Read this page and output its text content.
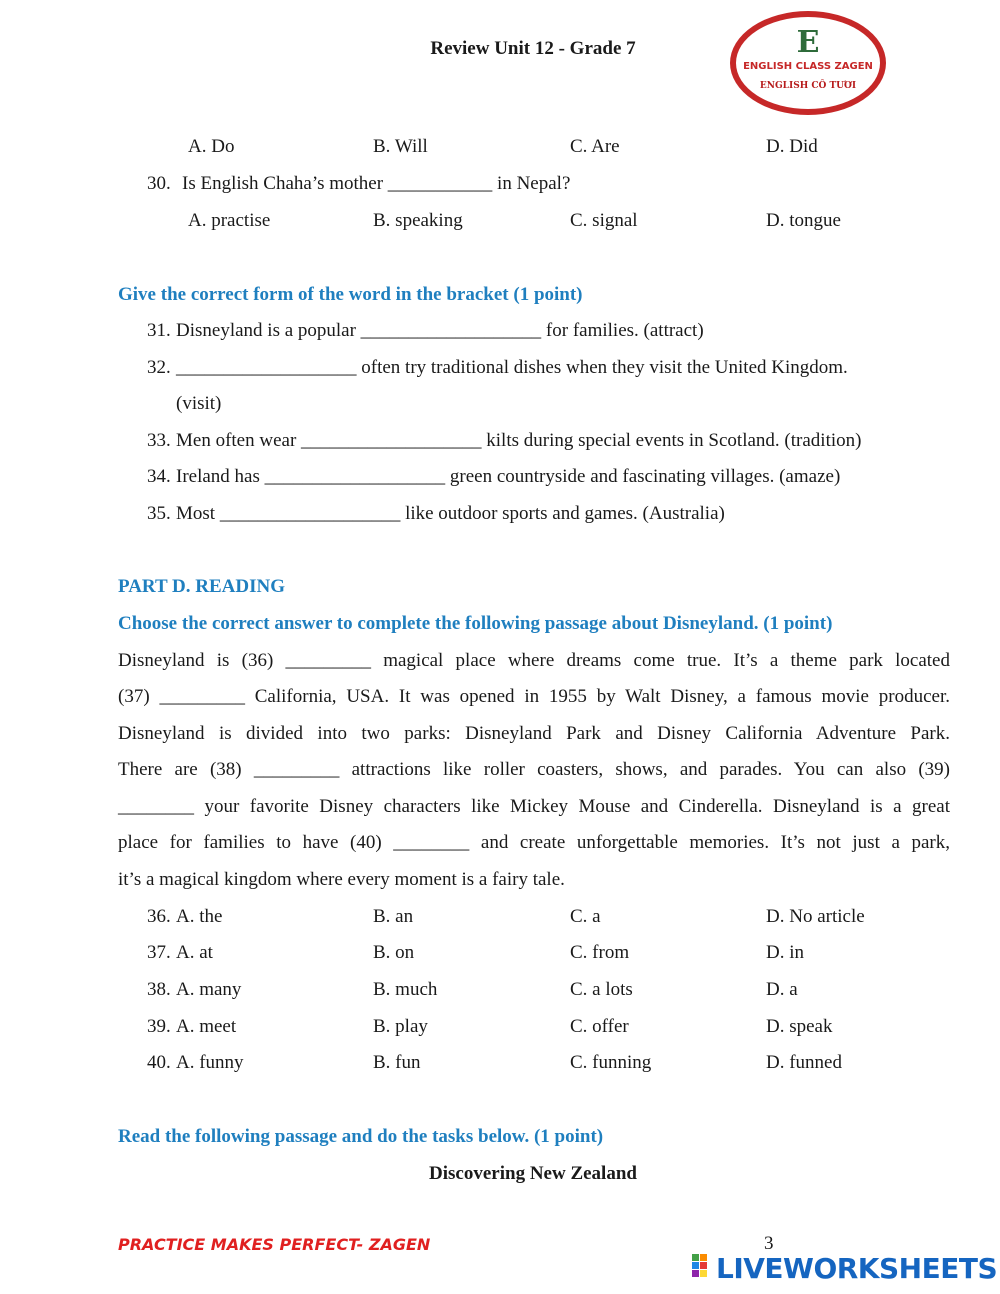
Review Unit 12 - Grade 7	E
ENGLISH CLASS ZAGEN
ENGLISH CÔ TƯƠI
A. Do	B. Will	C. Are	D. Did
30. Is English Chaha’s mother ___________ in Nepal?
A. practise	B. speaking	C. signal	D. tongue
Give the correct form of the word in the bracket (1 point)
31. Disneyland is a popular ___________________ for families. (attract)
32. ___________________ often try traditional dishes when they visit the United Kingdom.
(visit)
33. Men often wear ___________________ kilts during special events in Scotland. (tradition)
34. Ireland has ___________________ green countryside and fascinating villages. (amaze)
35. Most ___________________ like outdoor sports and games. (Australia)
PART D. READING
Choose the correct answer to complete the following passage about Disneyland. (1 point)
Disneyland is (36) _________ magical place where dreams come true. It’s a theme park located
(37) _________ California, USA. It was opened in 1955 by Walt Disney, a famous movie producer.
Disneyland is divided into two parks: Disneyland Park and Disney California Adventure Park.
There are (38) _________ attractions like roller coasters, shows, and parades. You can also (39)
________ your favorite Disney characters like Mickey Mouse and Cinderella. Disneyland is a great
place for families to have (40) ________ and create unforgettable memories. It’s not just a park,
it’s a magical kingdom where every moment is a fairy tale.
36. A. the	B. an	C. a	D. No article
37. A. at	B. on	C. from	D. in
38. A. many	B. much	C. a lots	D. a
39. A. meet	B. play	C. offer	D. speak
40. A. funny	B. fun	C. funning	D. funned
Read the following passage and do the tasks below. (1 point)
Discovering New Zealand
PRACTICE MAKES PERFECT- ZAGEN	3
LIVEWORKSHEETS
